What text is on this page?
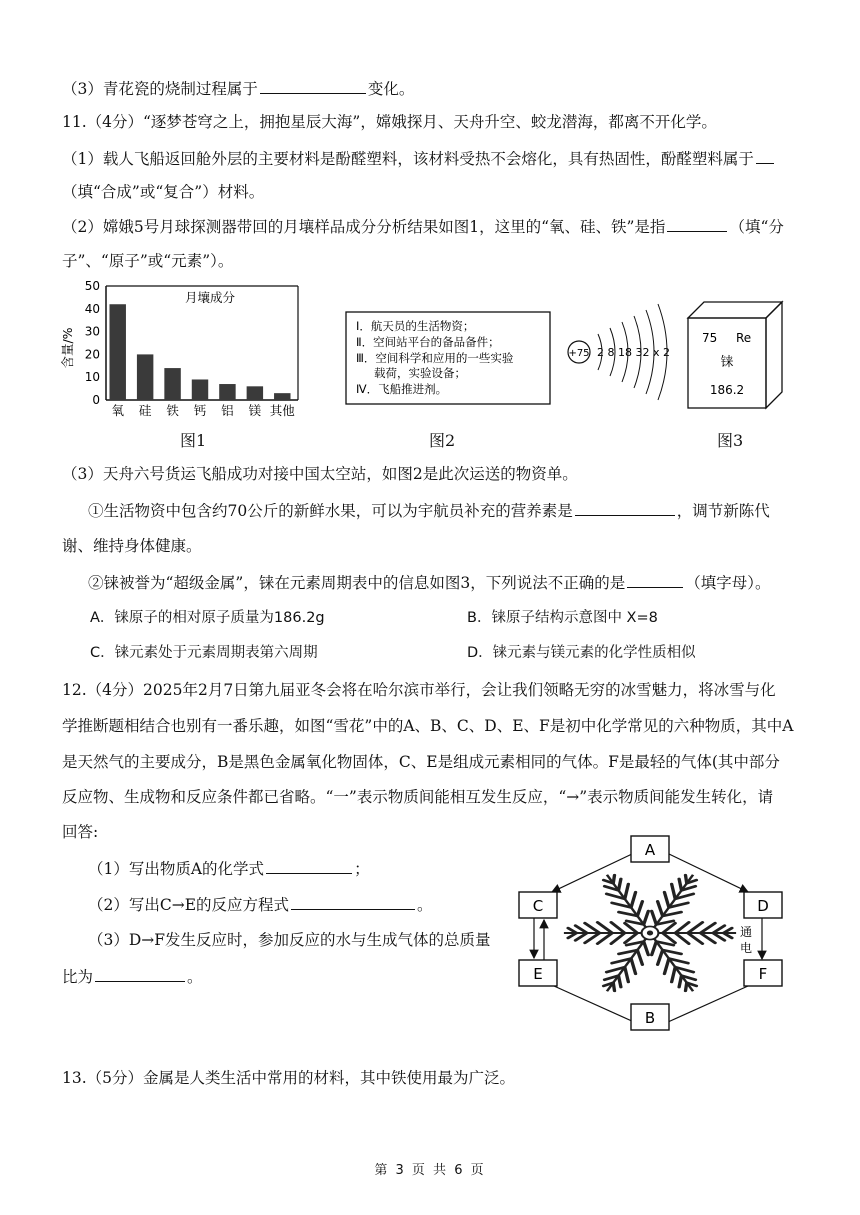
（3）青花瓷的烧制过程属于	变化。
11.（4分）“逐梦苍穹之上，拥抱星辰大海”，嫦娥探月、天舟升空、蛟龙潜海，都离不开化学。
（1）载人飞船返回舱外层的主要材料是酚醛塑料，该材料受热不会熔化，具有热固性，酚醛塑料属于
（填“合成”或“复合”）材料。
（2）嫦娥5号月球探测器带回的月壤样品成分分析结果如图1，这里的“氧、硅、铁”是指	（填“分
子”、“原子”或“元素”）。
0
10
20
30
40
50
氧 硅 铁 钙 铝 镁 其他
月壤成分
含量/%
Ⅰ．航天员的生活物资；
Ⅱ．空间站平台的备品备件；
Ⅲ．空间科学和应用的一些实验
载荷，实验设备；
Ⅳ．飞船推进剂。
+75 2 8 18 32 x 2
75 Re
铼
186.2
图1	图2	图3
（3）天舟六号货运飞船成功对接中国太空站，如图2是此次运送的物资单。
①生活物资中包含约70公斤的新鲜水果，可以为宇航员补充的营养素是	，调节新陈代
谢、维持身体健康。
②铼被誉为“超级金属”，铼在元素周期表中的信息如图3，下列说法不正确的是	（填字母）。
A．铼原子的相对原子质量为186.2g	B．铼原子结构示意图中 X=8
C．铼元素处于元素周期表第六周期	D．铼元素与镁元素的化学性质相似
12.（4分）2025年2月7日第九届亚冬会将在哈尔滨市举行，会让我们领略无穷的冰雪魅力，将冰雪与化
学推断题相结合也别有一番乐趣，如图“雪花”中的A、B、C、D、E、F是初中化学常见的六种物质，其中A
是天然气的主要成分，B是黑色金属氧化物固体，C、E是组成元素相同的气体。F是最轻的气体(其中部分
反应物、生成物和反应条件都已省略。“一”表示物质间能相互发生反应，“→”表示物质间能发生转化，请
回答:
（1）写出物质A的化学式	；
（2）写出C→E的反应方程式	。
（3）D→F发生反应时，参加反应的水与生成气体的总质量
比为	。
A
C	D
E	F
B
通
电
13.（5分）金属是人类生活中常用的材料，其中铁使用最为广泛。
第 3 页 共 6 页
